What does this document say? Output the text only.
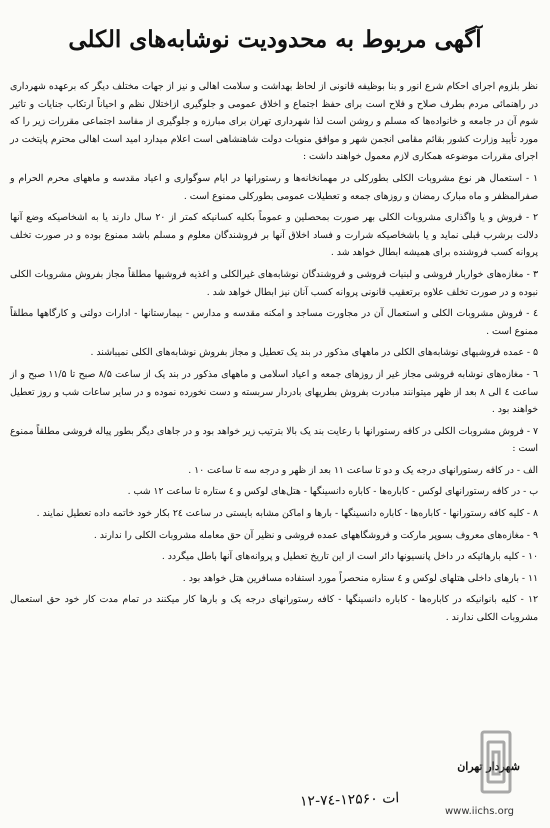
آگهی مربوط به محدودیت نوشابه‌های الکلی

نظر بلزوم اجرای احکام شرع انور و بنا بوظیفه قانونی از لحاظ بهداشت و سلامت اهالی و نیز از جهات مختلف دیگر که برعهده شهرداری در راهنمائی مردم بطرف صلاح و فلاح است برای حفظ اجتماع و اخلاق عمومی و جلوگیری ازاختلال نظم و احیاناً ارتکاب جنایات و تاثیر شوم آن در جامعه و خانواده‌ها که مسلم و روشن است لذا شهرداری تهران برای مبارزه و جلوگیری از مفاسد اجتماعی مقررات زیر را که مورد تأیید وزارت کشور بقائم مقامی انجمن شهر و موافق منویات دولت شاهنشاهی است اعلام میدارد امید است اهالی محترم پایتخت در اجرای مقررات موضوعه همکاری لازم معمول خواهند داشت :

۱ - استعمال هر نوع مشروبات الکلی بطورکلی در مهمانخانه‌ها و رستورانها در ایام سوگواری و اعیاد مقدسه و ماههای محرم الحرام و صفرالمظفر و ماه مبارک رمضان و روزهای جمعه و تعطیلات عمومی بطورکلی ممنوع است .

۲ - فروش و یا واگذاری مشروبات الکلی بهر صورت بمحصلین و عموماً بکلیه کسانیکه کمتر از ۲۰ سال دارند یا به اشخاصیکه وضع آنها دلالت برشرب قبلی نماید و یا باشخاصیکه شرارت و فساد اخلاق آنها بر فروشندگان معلوم و مسلم باشد ممنوع بوده و در صورت تخلف پروانه کسب فروشنده برای همیشه ابطال خواهد شد .

۳ - مغازه‌های خواربار فروشی و لبنیات فروشی و فروشندگان نوشابه‌های غیرالکلی و اغذیه فروشیها مطلقاً مجاز بفروش مشروبات الکلی نبوده و در صورت تخلف علاوه برتعقیب قانونی پروانه کسب آنان نیز ابطال خواهد شد .

٤ - فروش مشروبات الکلی و استعمال آن در مجاورت مساجد و امکنه مقدسه و مدارس - بیمارستانها - ادارات دولتی و کارگاهها مطلقاً ممنوع است .

۵ - عمده فروشیهای نوشابه‌های الکلی در ماههای مذکور در بند یک تعطیل و مجاز بفروش نوشابه‌های الکلی نمیباشند .

٦ - مغازه‌های نوشابه فروشی مجاز غیر از روزهای جمعه و اعیاد اسلامی و ماههای مذکور در بند یک از ساعت ۸/۵ صبح تا ۱۱/۵ صبح و از ساعت ٤ الی ۸ بعد از ظهر میتوانند مبادرت بفروش بطریهای بادردار سربسته و دست نخورده نموده و در سایر ساعات شب و روز تعطیل خواهند بود .

۷ - فروش مشروبات الکلی در کافه رستورانها با رعایت بند یک بالا بترتیب زیر خواهد بود و در جاهای دیگر بطور پیاله فروشی مطلقاً ممنوع است :

الف - در کافه رستورانهای درجه یک و دو تا ساعت ۱۱ بعد از ظهر و درجه سه تا ساعت ۱۰ .

ب - در کافه رستورانهای لوکس - کاباره‌ها - کاباره دانسینگها - هتل‌های لوکس و ٤ ستاره تا ساعت ۱۲ شب .

۸ - کلیه کافه رستورانها - کاباره‌ها - کاباره دانسینگها - بارها و اماکن مشابه بایستی در ساعت ۲٤ بکار خود خاتمه داده تعطیل نمایند .

۹ - مغازه‌های معروف بسوپر مارکت و فروشگاههای عمده فروشی و نظیر آن حق معامله مشروبات الکلی را ندارند .

۱۰ - کلیه بارهائیکه در داخل پانسیونها دائر است از این تاریخ تعطیل و پروانه‌های آنها باطل میگردد .

۱۱ - بارهای داخلی هتلهای لوکس و ٤ ستاره منحصراً مورد استفاده مسافرین هتل خواهد بود .

۱۲ - کلیه بانوانیکه در کاباره‌ها - کاباره دانسینگها - کافه رستورانهای درجه یک و بارها کار میکنند در تمام مدت کار خود حق استعمال مشروبات الکلی ندارند .

شهردار تهران
۱۲-۷٤-۱۲۵۶۰ ات
www.iichs.org
